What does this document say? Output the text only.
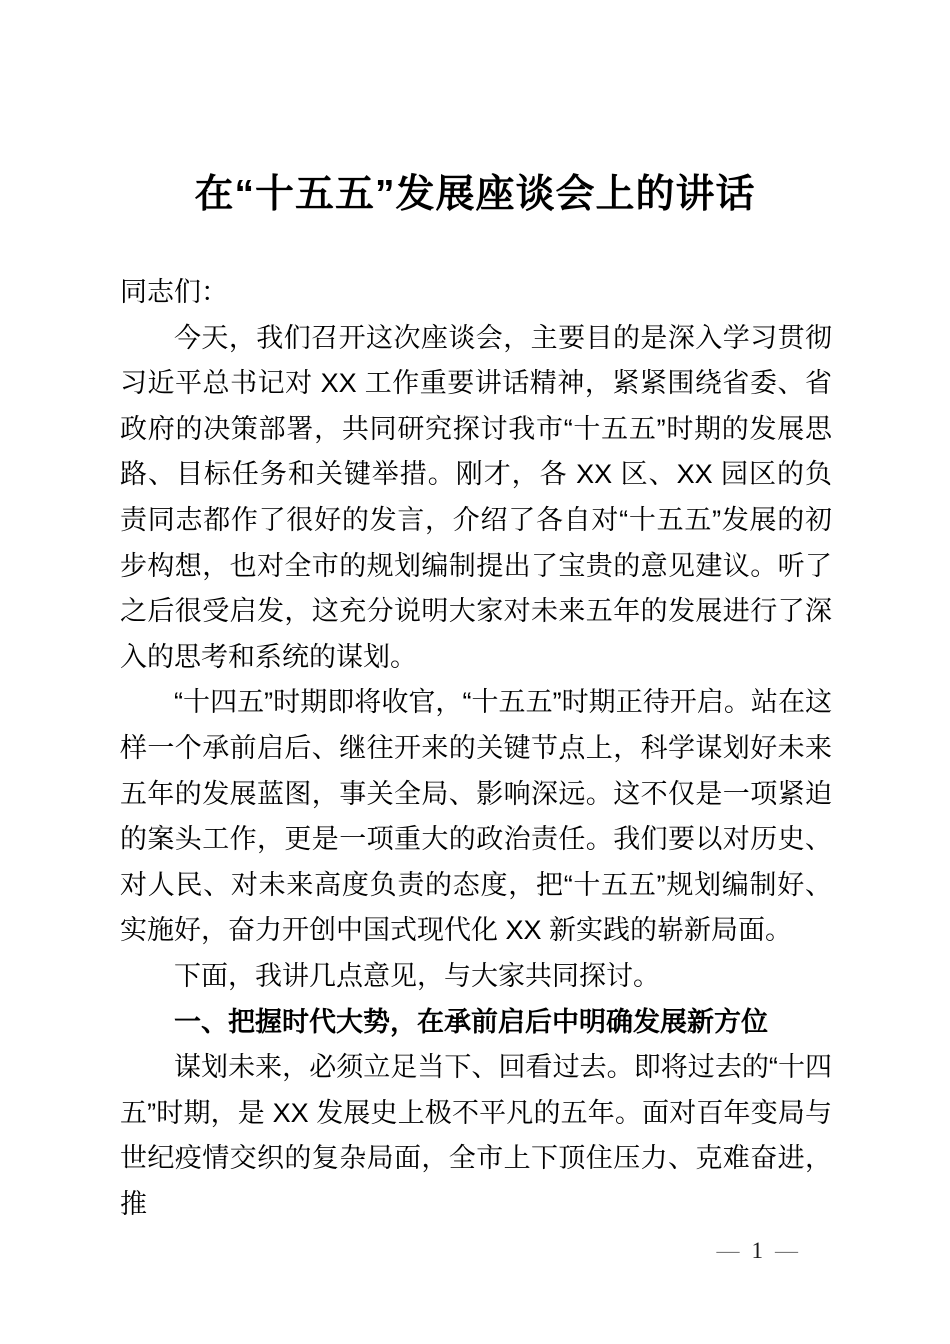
在“十五五”发展座谈会上的讲话

同志们：

今天，我们召开这次座谈会，主要目的是深入学习贯彻习近平总书记对 XX 工作重要讲话精神，紧紧围绕省委、省政府的决策部署，共同研究探讨我市“十五五”时期的发展思路、目标任务和关键举措。刚才，各 XX 区、XX 园区的负责同志都作了很好的发言，介绍了各自对“十五五”发展的初步构想，也对全市的规划编制提出了宝贵的意见建议。听了之后很受启发，这充分说明大家对未来五年的发展进行了深入的思考和系统的谋划。

“十四五”时期即将收官，“十五五”时期正待开启。站在这样一个承前启后、继往开来的关键节点上，科学谋划好未来五年的发展蓝图，事关全局、影响深远。这不仅是一项紧迫的案头工作，更是一项重大的政治责任。我们要以对历史、对人民、对未来高度负责的态度，把“十五五”规划编制好、实施好，奋力开创中国式现代化 XX 新实践的崭新局面。

下面，我讲几点意见，与大家共同探讨。

一、把握时代大势，在承前启后中明确发展新方位

谋划未来，必须立足当下、回看过去。即将过去的“十四五”时期，是 XX 发展史上极不平凡的五年。面对百年变局与世纪疫情交织的复杂局面，全市上下顶住压力、克难奋进，推

— 1 —
